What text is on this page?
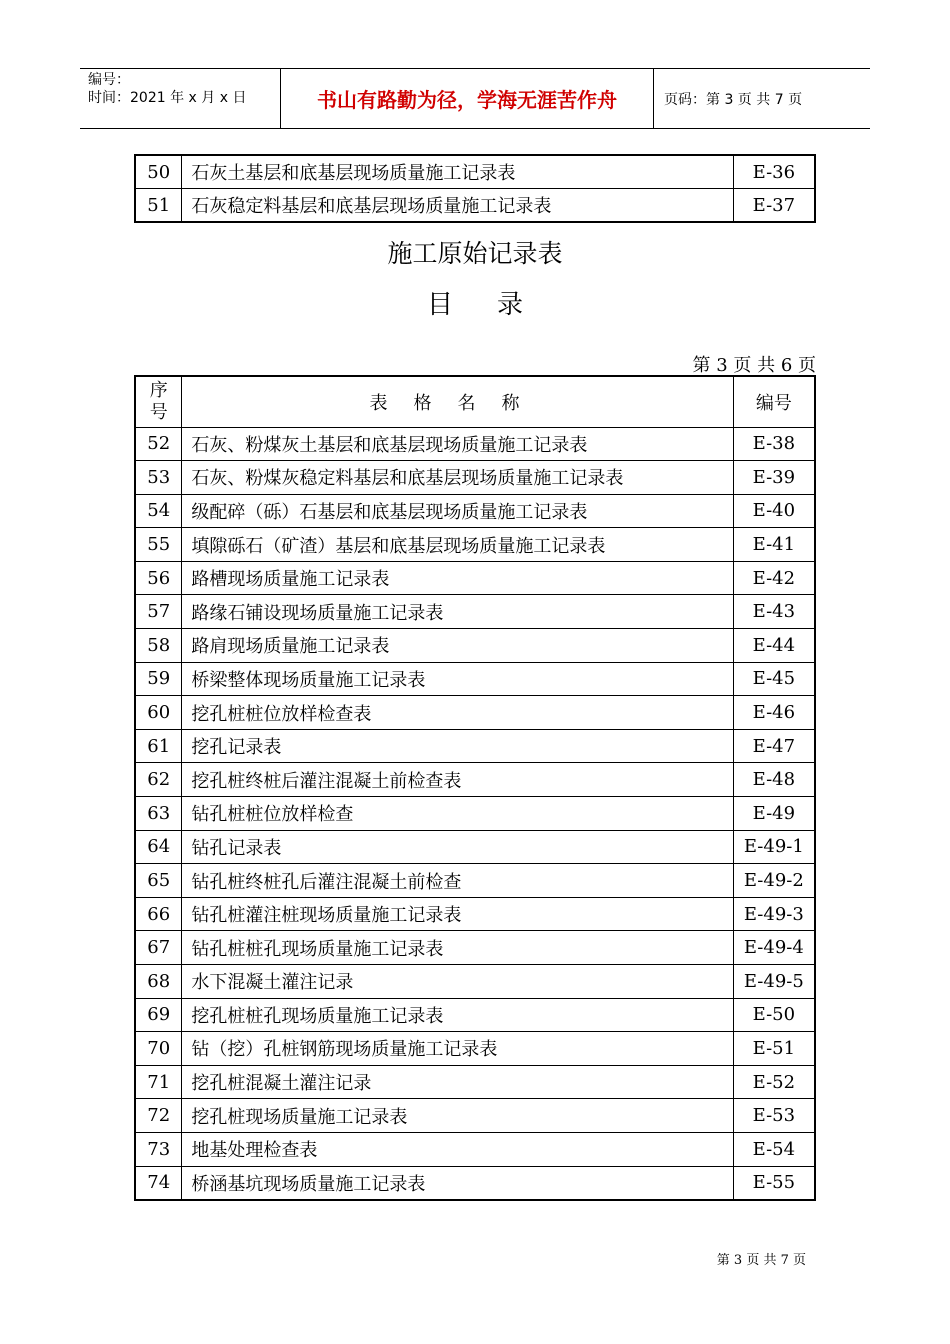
编号：
时间：2021 年 x 月 x 日	书山有路勤为径，学海无涯苦作舟	页码：第 3 页 共 7 页
50	石灰土基层和底基层现场质量施工记录表	E-36
51	石灰稳定料基层和底基层现场质量施工记录表	E-37
施工原始记录表
目录
第 3 页 共 6 页
序
号	表格名称	编号
52	石灰、粉煤灰土基层和底基层现场质量施工记录表	E-38
53	石灰、粉煤灰稳定料基层和底基层现场质量施工记录表	E-39
54	级配碎（砾）石基层和底基层现场质量施工记录表	E-40
55	填隙砾石（矿渣）基层和底基层现场质量施工记录表	E-41
56	路槽现场质量施工记录表	E-42
57	路缘石铺设现场质量施工记录表	E-43
58	路肩现场质量施工记录表	E-44
59	桥梁整体现场质量施工记录表	E-45
60	挖孔桩桩位放样检查表	E-46
61	挖孔记录表	E-47
62	挖孔桩终桩后灌注混凝土前检查表	E-48
63	钻孔桩桩位放样检查	E-49
64	钻孔记录表	E-49-1
65	钻孔桩终桩孔后灌注混凝土前检查	E-49-2
66	钻孔桩灌注桩现场质量施工记录表	E-49-3
67	钻孔桩桩孔现场质量施工记录表	E-49-4
68	水下混凝土灌注记录	E-49-5
69	挖孔桩桩孔现场质量施工记录表	E-50
70	钻（挖）孔桩钢筋现场质量施工记录表	E-51
71	挖孔桩混凝土灌注记录	E-52
72	挖孔桩现场质量施工记录表	E-53
73	地基处理检查表	E-54
74	桥涵基坑现场质量施工记录表	E-55
第 3 页 共 7 页
